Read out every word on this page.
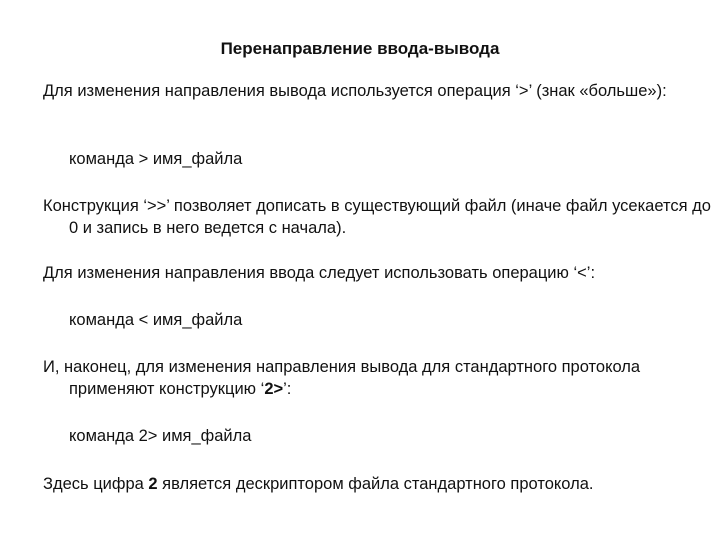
Перенаправление ввода-вывода
Для изменения направления вывода используется операция ‘>’ (знак «больше»):
команда > имя_файла
Конструкция ‘>>’ позволяет дописать в существующий файл (иначе файл усекается до 0 и запись в него ведется с начала).
Для изменения направления ввода следует использовать операцию ‘<’:
команда < имя_файла
И, наконец, для изменения направления вывода для стандартного протокола применяют конструкцию ‘2>’:
команда 2> имя_файла
Здесь цифра 2 является дескриптором файла стандартного протокола.
